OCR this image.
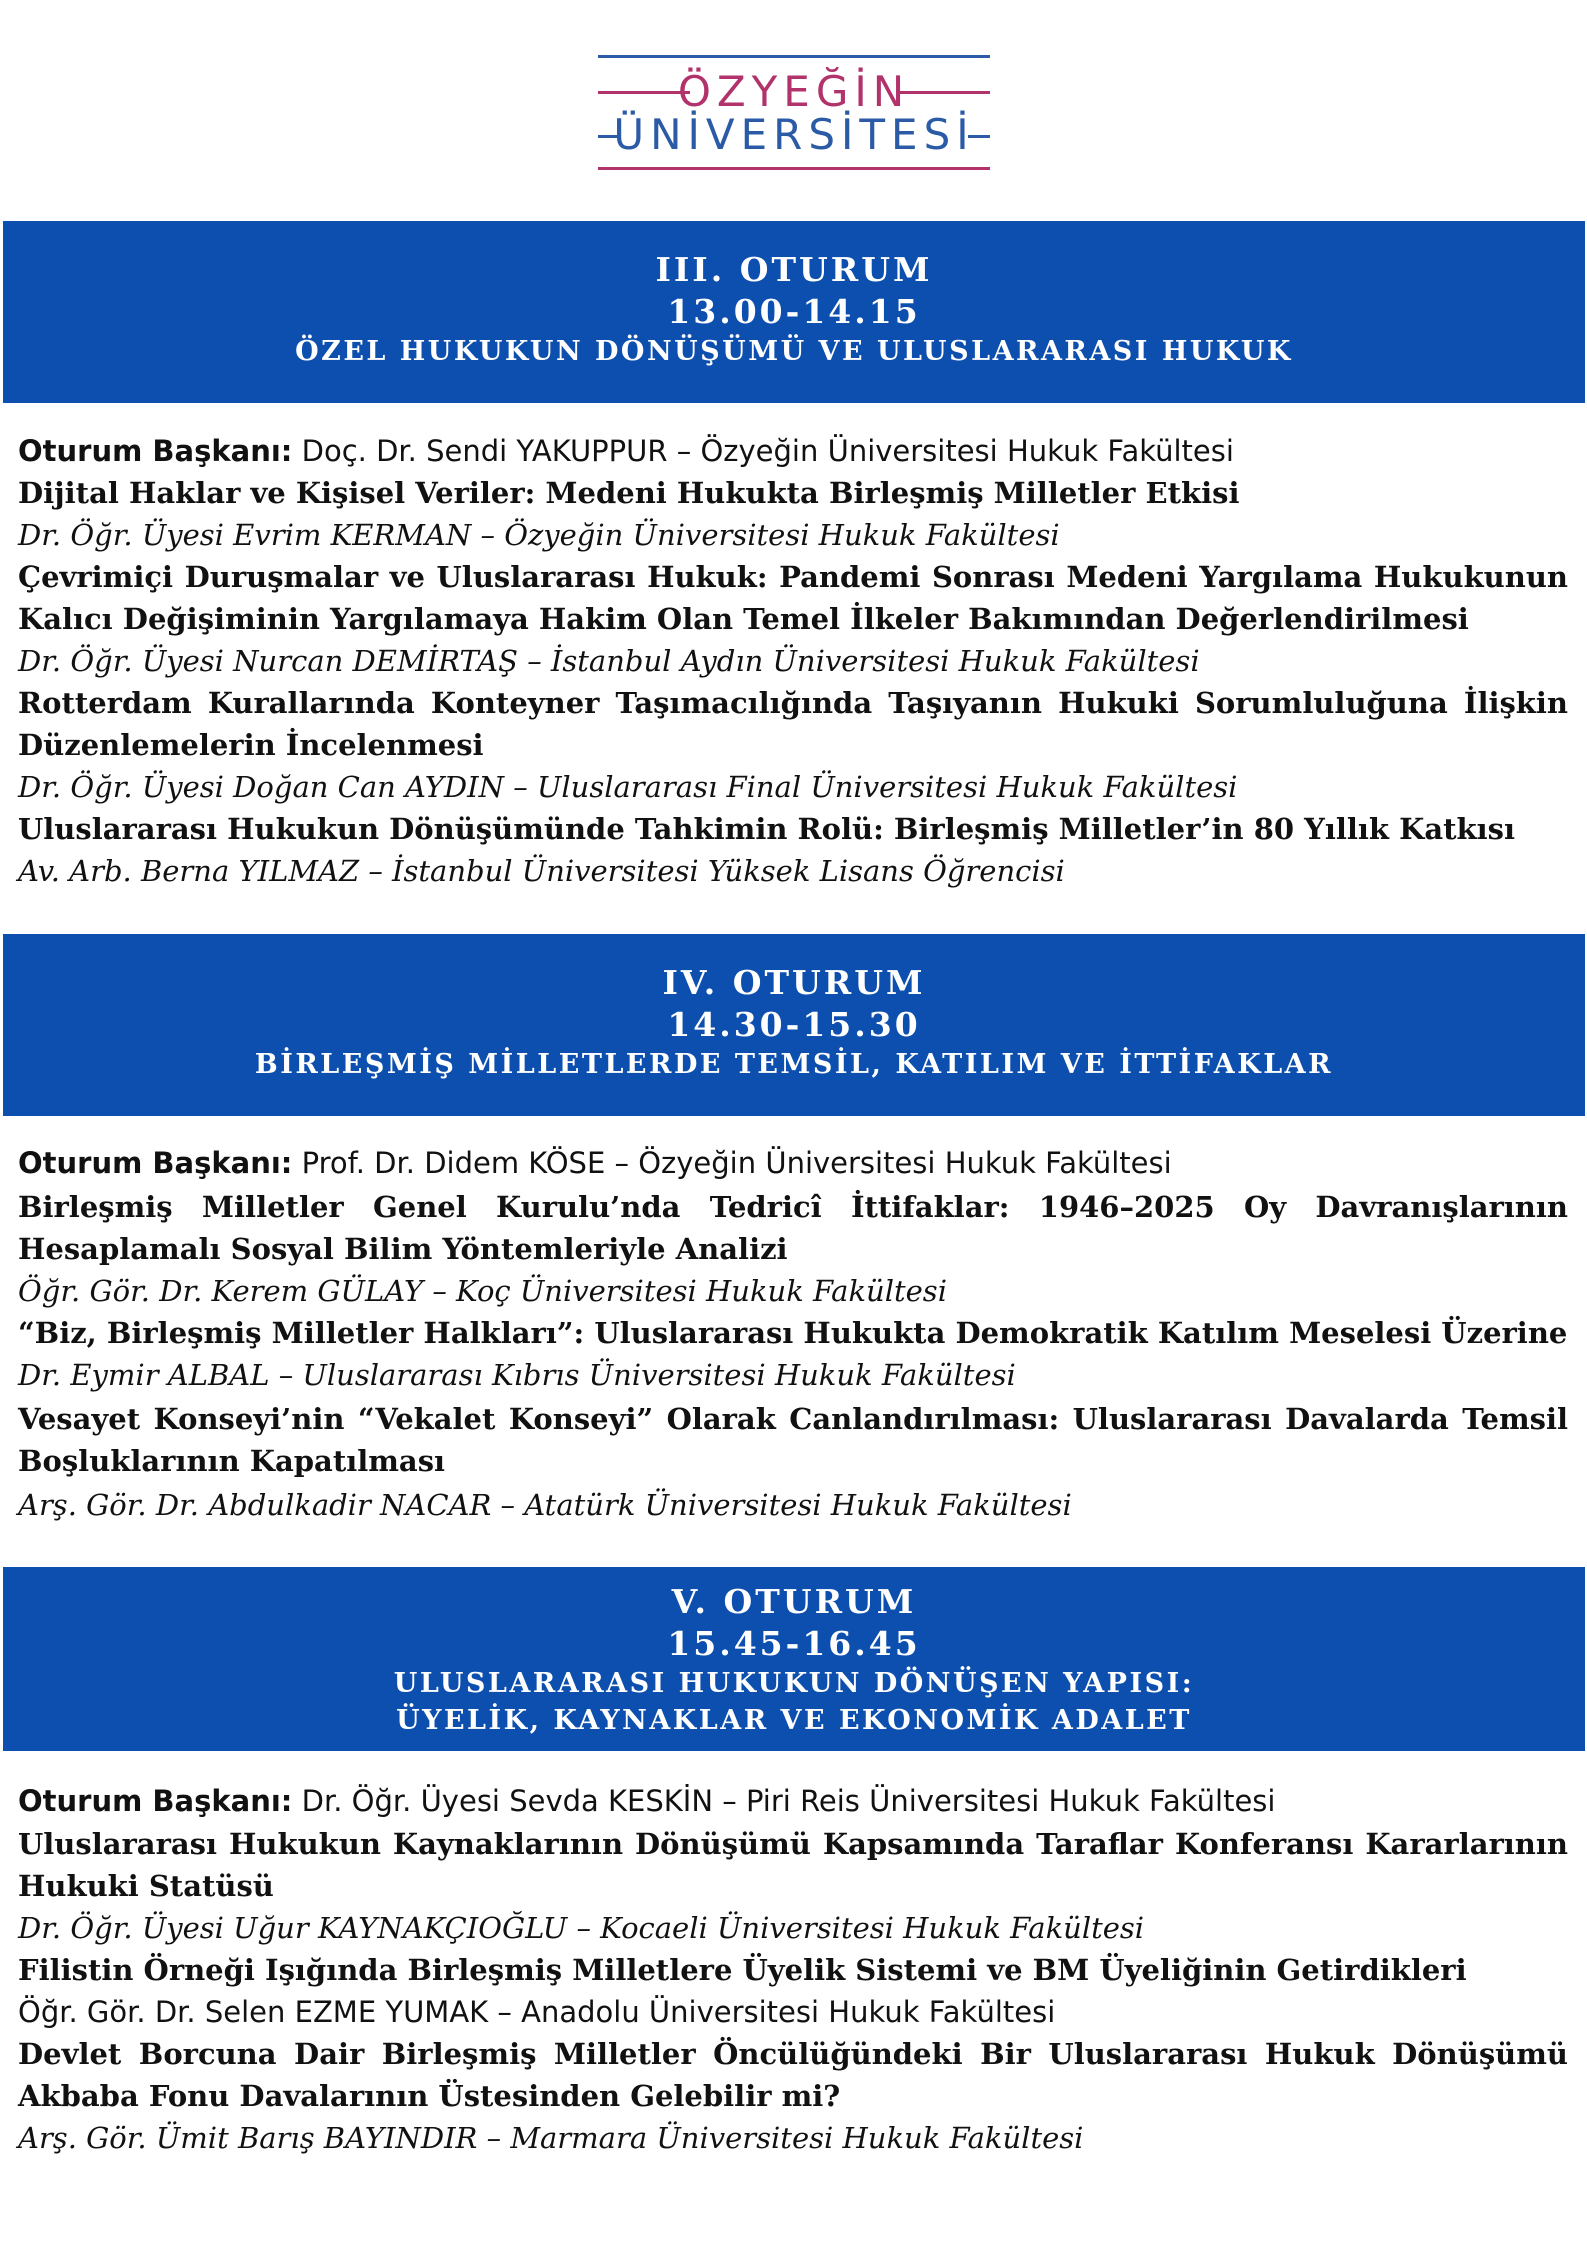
ÖZYEĞİN
ÜNİVERSİTESİ
III. OTURUM
13.00-14.15
ÖZEL HUKUKUN DÖNÜŞÜMÜ VE ULUSLARARASI HUKUK
Oturum Başkanı: Doç. Dr. Sendi YAKUPPUR – Özyeğin Üniversitesi Hukuk Fakültesi
Dijital Haklar ve Kişisel Veriler: Medeni Hukukta Birleşmiş Milletler Etkisi
Dr. Öğr. Üyesi Evrim KERMAN – Özyeğin Üniversitesi Hukuk Fakültesi
Çevrimiçi Duruşmalar ve Uluslararası Hukuk: Pandemi Sonrası Medeni Yargılama Hukukunun
Kalıcı Değişiminin Yargılamaya Hakim Olan Temel İlkeler Bakımından Değerlendirilmesi
Dr. Öğr. Üyesi Nurcan DEMİRTAŞ – İstanbul Aydın Üniversitesi Hukuk Fakültesi
Rotterdam Kurallarında Konteyner Taşımacılığında Taşıyanın Hukuki Sorumluluğuna İlişkin
Düzenlemelerin İncelenmesi
Dr. Öğr. Üyesi Doğan Can AYDIN – Uluslararası Final Üniversitesi Hukuk Fakültesi
Uluslararası Hukukun Dönüşümünde Tahkimin Rolü: Birleşmiş Milletler’in 80 Yıllık Katkısı
Av. Arb. Berna YILMAZ – İstanbul Üniversitesi Yüksek Lisans Öğrencisi
IV. OTURUM
14.30-15.30
BİRLEŞMİŞ MİLLETLERDE TEMSİL, KATILIM VE İTTİFAKLAR
Oturum Başkanı: Prof. Dr. Didem KÖSE – Özyeğin Üniversitesi Hukuk Fakültesi
Birleşmiş Milletler Genel Kurulu’nda Tedricî İttifaklar: 1946–2025 Oy Davranışlarının
Hesaplamalı Sosyal Bilim Yöntemleriyle Analizi
Öğr. Gör. Dr. Kerem GÜLAY – Koç Üniversitesi Hukuk Fakültesi
“Biz, Birleşmiş Milletler Halkları”: Uluslararası Hukukta Demokratik Katılım Meselesi Üzerine
Dr. Eymir ALBAL – Uluslararası Kıbrıs Üniversitesi Hukuk Fakültesi
Vesayet Konseyi’nin “Vekalet Konseyi” Olarak Canlandırılması: Uluslararası Davalarda Temsil
Boşluklarının Kapatılması
Arş. Gör. Dr. Abdulkadir NACAR – Atatürk Üniversitesi Hukuk Fakültesi
V. OTURUM
15.45-16.45
ULUSLARARASI HUKUKUN DÖNÜŞEN YAPISI:
ÜYELİK, KAYNAKLAR VE EKONOMİK ADALET
Oturum Başkanı: Dr. Öğr. Üyesi Sevda KESKİN – Piri Reis Üniversitesi Hukuk Fakültesi
Uluslararası Hukukun Kaynaklarının Dönüşümü Kapsamında Taraflar Konferansı Kararlarının
Hukuki Statüsü
Dr. Öğr. Üyesi Uğur KAYNAKÇIOĞLU – Kocaeli Üniversitesi Hukuk Fakültesi
Filistin Örneği Işığında Birleşmiş Milletlere Üyelik Sistemi ve BM Üyeliğinin Getirdikleri
Öğr. Gör. Dr. Selen EZME YUMAK – Anadolu Üniversitesi Hukuk Fakültesi
Devlet Borcuna Dair Birleşmiş Milletler Öncülüğündeki Bir Uluslararası Hukuk Dönüşümü
Akbaba Fonu Davalarının Üstesinden Gelebilir mi?
Arş. Gör. Ümit Barış BAYINDIR – Marmara Üniversitesi Hukuk Fakültesi
